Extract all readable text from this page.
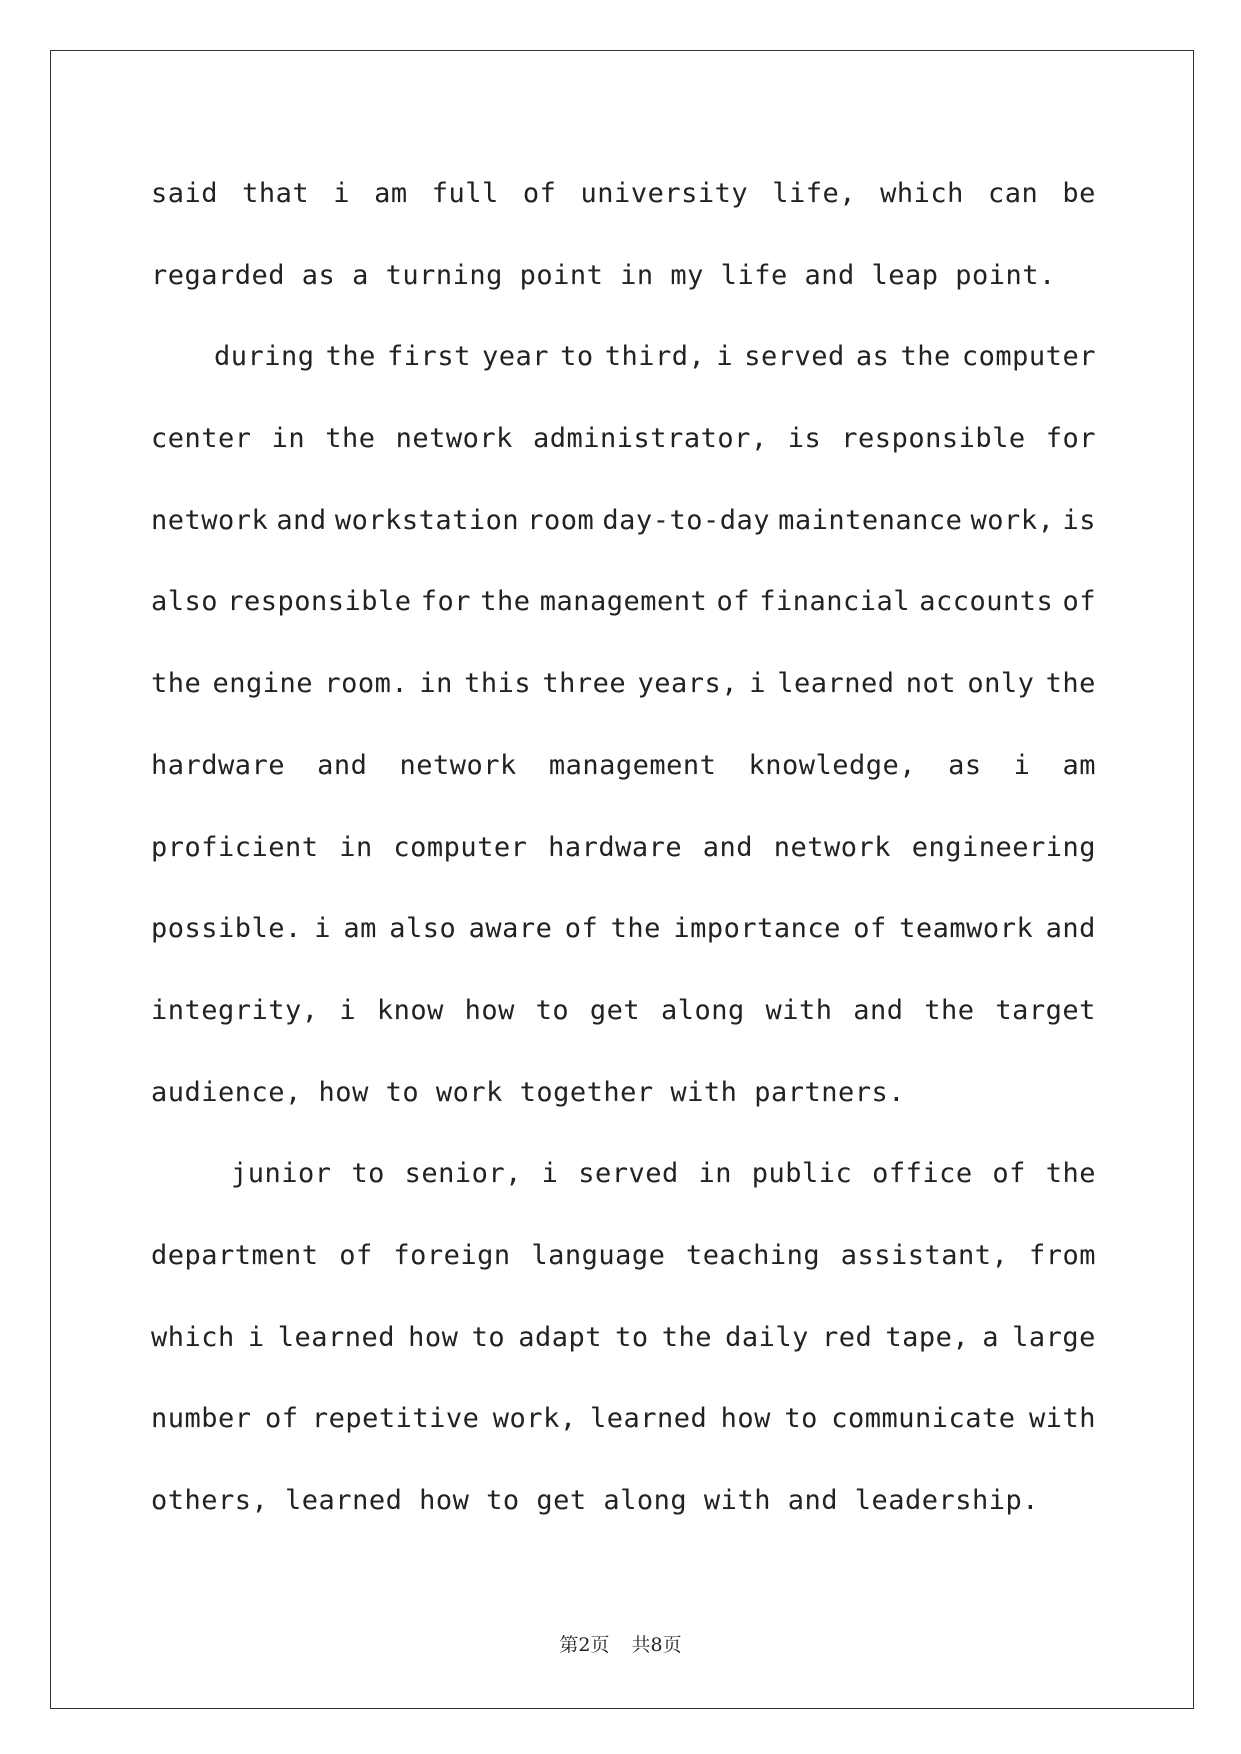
said that i am full of university life, which can be
regarded as a turning point in my life and leap point.
during the first year to third, i served as the computer
center in the network administrator, is responsible for
network and workstation room day-to-day maintenance work, is
also responsible for the management of financial accounts of
the engine room. in this three years, i learned not only the
hardware and network management knowledge, as i am
proficient in computer hardware and network engineering
possible. i am also aware of the importance of teamwork and
integrity, i know how to get along with and the target
audience, how to work together with partners.
junior to senior, i served in public office of the
department of foreign language teaching assistant, from
which i learned how to adapt to the daily red tape, a large
number of repetitive work, learned how to communicate with
others, learned how to get along with and leadership.
第2页 共8页
